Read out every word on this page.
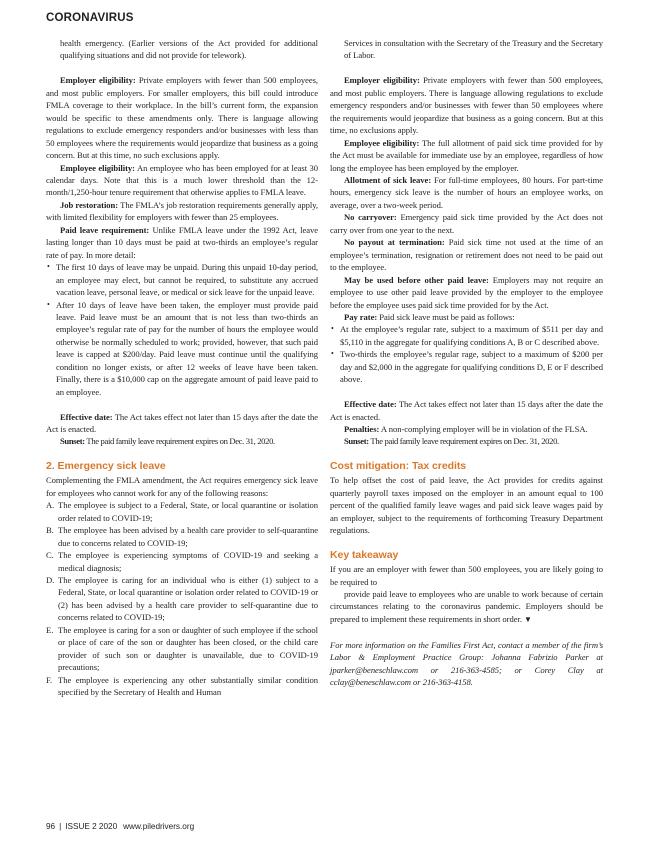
CORONAVIRUS

health emergency. (Earlier versions of the Act provided for additional qualifying situations and did not provide for telework).

Employer eligibility: Private employers with fewer than 500 employees, and most public employers. For smaller employers, this bill could introduce FMLA coverage to their workplace. In the bill’s current form, the expansion would be specific to these amendments only. There is language allowing regulations to exclude emergency responders and/or businesses with less than 50 employees where the requirements would jeopardize that business as a going concern. But at this time, no such exclusions apply.

Employee eligibility: An employee who has been employed for at least 30 calendar days. Note that this is a much lower threshold than the 12-month/1,250-hour tenure requirement that otherwise applies to FMLA leave.

Job restoration: The FMLA’s job restoration requirements generally apply, with limited flexibility for employers with fewer than 25 employees.

Paid leave requirement: Unlike FMLA leave under the 1992 Act, leave lasting longer than 10 days must be paid at two-thirds an employee’s regular rate of pay. In more detail:

• The first 10 days of leave may be unpaid. During this unpaid 10-day period, an employee may elect, but cannot be required, to substitute any accrued vacation leave, personal leave, or medical or sick leave for the unpaid leave.
• After 10 days of leave have been taken, the employer must provide paid leave. Paid leave must be an amount that is not less than two-thirds an employee’s regular rate of pay for the number of hours the employee would otherwise be normally scheduled to work; provided, however, that such paid leave is capped at $200/day. Paid leave must continue until the qualifying condition no longer exists, or after 12 weeks of leave have been taken. Finally, there is a $10,000 cap on the aggregate amount of paid leave paid to an employee.

Effective date: The Act takes effect not later than 15 days after the date the Act is enacted.

Sunset: The paid family leave requirement expires on Dec. 31, 2020.

2. Emergency sick leave

Complementing the FMLA amendment, the Act requires emergency sick leave for employees who cannot work for any of the following reasons:

A. The employee is subject to a Federal, State, or local quarantine or isolation order related to COVID-19;
B. The employee has been advised by a health care provider to self-quarantine due to concerns related to COVID-19;
C. The employee is experiencing symptoms of COVID-19 and seeking a medical diagnosis;
D. The employee is caring for an individual who is either (1) subject to a Federal, State, or local quarantine or isolation order related to COVID-19 or (2) has been advised by a health care provider to self-quarantine due to concerns related to COVID-19;
E. The employee is caring for a son or daughter of such employee if the school or place of care of the son or daughter has been closed, or the child care provider of such son or daughter is unavailable, due to COVID-19 precautions;
F. The employee is experiencing any other substantially similar condition specified by the Secretary of Health and Human

Services in consultation with the Secretary of the Treasury and the Secretary of Labor.

Employer eligibility: Private employers with fewer than 500 employees, and most public employers. There is language allowing regulations to exclude emergency responders and/or businesses with fewer than 50 employees where the requirements would jeopardize that business as a going concern. But at this time, no exclusions apply.

Employee eligibility: The full allotment of paid sick time provided for by the Act must be available for immediate use by an employee, regardless of how long the employee has been employed by the employer.

Allotment of sick leave: For full-time employees, 80 hours. For part-time hours, emergency sick leave is the number of hours an employee works, on average, over a two-week period.

No carryover: Emergency paid sick time provided by the Act does not carry over from one year to the next.

No payout at termination: Paid sick time not used at the time of an employee’s termination, resignation or retirement does not need to be paid out to the employee.

May be used before other paid leave: Employers may not require an employee to use other paid leave provided by the employer to the employee before the employee uses paid sick time provided for by the Act.

Pay rate: Paid sick leave must be paid as follows:

• At the employee’s regular rate, subject to a maximum of $511 per day and $5,110 in the aggregate for qualifying conditions A, B or C described above.
• Two-thirds the employee’s regular rage, subject to a maximum of $200 per day and $2,000 in the aggregate for qualifying conditions D, E or F described above.

Effective date: The Act takes effect not later than 15 days after the date the Act is enacted.

Penalties: A non-complying employer will be in violation of the FLSA.

Sunset: The paid family leave requirement expires on Dec. 31, 2020.

Cost mitigation: Tax credits

To help offset the cost of paid leave, the Act provides for credits against quarterly payroll taxes imposed on the employer in an amount equal to 100 percent of the qualified family leave wages and paid sick leave wages paid by an employer, subject to the requirements of forthcoming Treasury Department regulations.

Key takeaway

If you are an employer with fewer than 500 employees, you are likely going to be required to

provide paid leave to employees who are unable to work because of certain circumstances relating to the coronavirus pandemic. Employers should be prepared to implement these requirements in short order. ▼

For more information on the Families First Act, contact a member of the firm’s Labor & Employment Practice Group: Johanna Fabrizio Parker at jparker@beneschlaw.com or 216-363-4585; or Corey Clay at cclay@beneschlaw.com or 216-363-4158.

96 | ISSUE 2 2020 www.piledrivers.org
